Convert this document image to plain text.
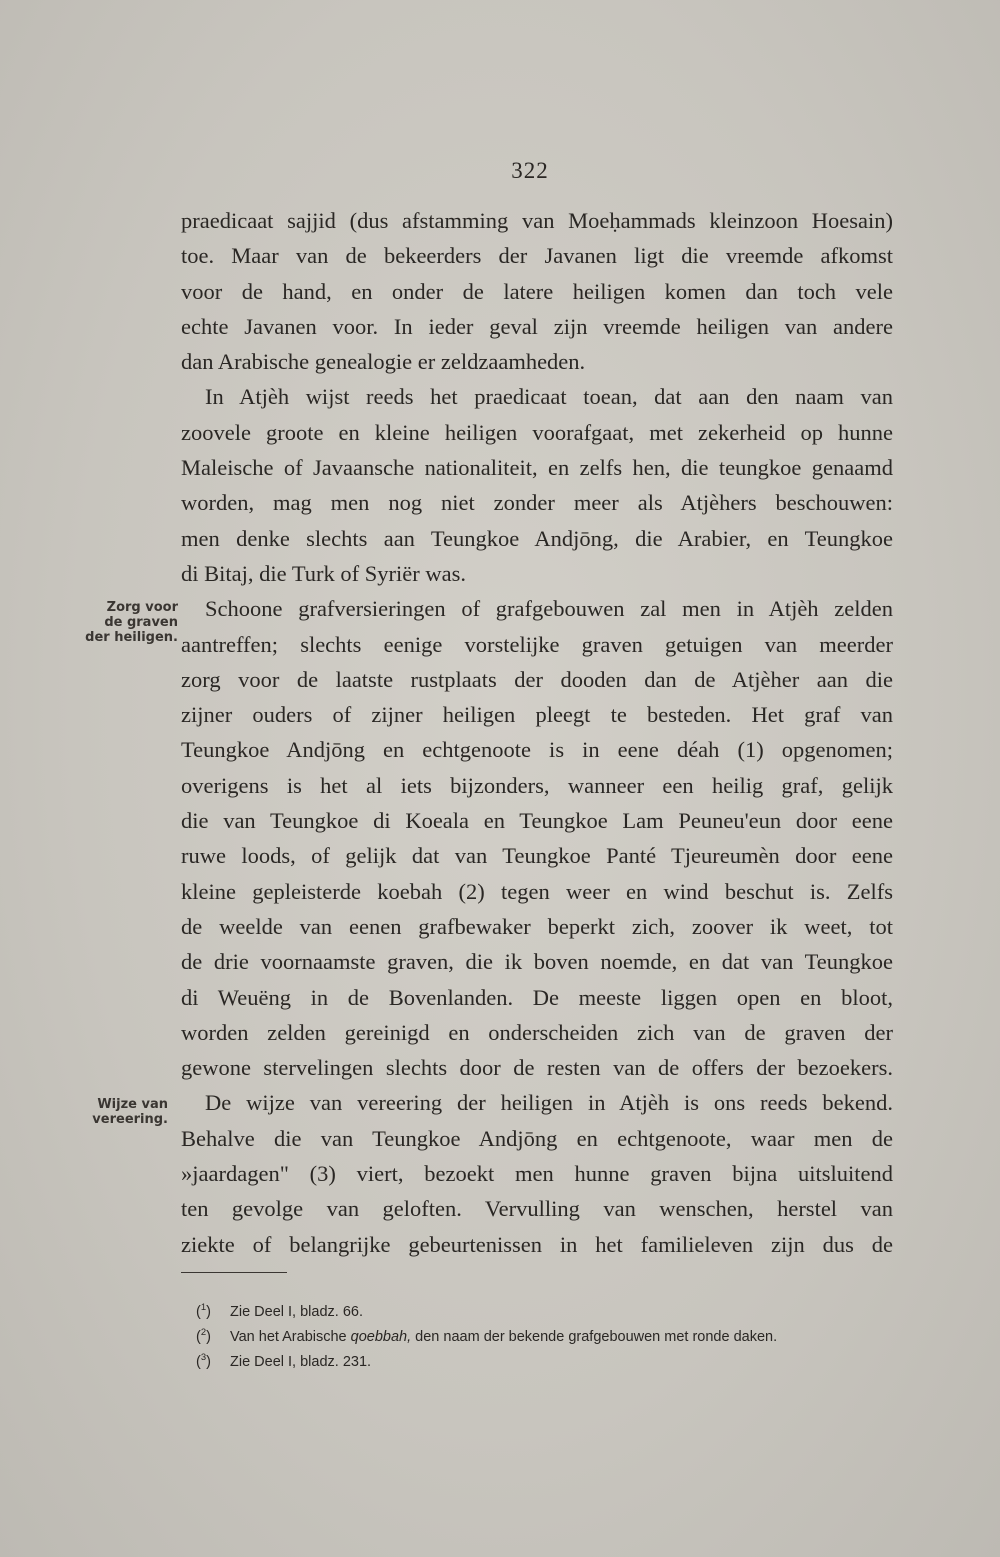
322
praedicaat sajjid (dus afstamming van Moeḥammads kleinzoon Hoesain)
toe. Maar van de bekeerders der Javanen ligt die vreemde afkomst
voor de hand, en onder de latere heiligen komen dan toch vele
echte Javanen voor. In ieder geval zijn vreemde heiligen van andere
dan Arabische genealogie er zeldzaamheden.
In Atjèh wijst reeds het praedicaat toean, dat aan den naam van
zoovele groote en kleine heiligen voorafgaat, met zekerheid op hunne
Maleische of Javaansche nationaliteit, en zelfs hen, die teungkoe genaamd
worden, mag men nog niet zonder meer als Atjèhers beschouwen:
men denke slechts aan Teungkoe Andjōng, die Arabier, en Teungkoe
di Bitaj, die Turk of Syriër was.
Schoone grafversieringen of grafgebouwen zal men in Atjèh zelden
aantreffen; slechts eenige vorstelijke graven getuigen van meerder
zorg voor de laatste rustplaats der dooden dan de Atjèher aan die
zijner ouders of zijner heiligen pleegt te besteden. Het graf van
Teungkoe Andjōng en echtgenoote is in eene déah (1) opgenomen;
overigens is het al iets bijzonders, wanneer een heilig graf, gelijk
die van Teungkoe di Koeala en Teungkoe Lam Peuneu'eun door eene
ruwe loods, of gelijk dat van Teungkoe Panté Tjeureumèn door eene
kleine gepleisterde koebah (2) tegen weer en wind beschut is. Zelfs
de weelde van eenen grafbewaker beperkt zich, zoover ik weet, tot
de drie voornaamste graven, die ik boven noemde, en dat van Teungkoe
di Weuëng in de Bovenlanden. De meeste liggen open en bloot,
worden zelden gereinigd en onderscheiden zich van de graven der
gewone stervelingen slechts door de resten van de offers der bezoekers.
De wijze van vereering der heiligen in Atjèh is ons reeds bekend.
Behalve die van Teungkoe Andjōng en echtgenoote, waar men de
»jaardagen" (3) viert, bezoekt men hunne graven bijna uitsluitend
ten gevolge van geloften. Vervulling van wenschen, herstel van
ziekte of belangrijke gebeurtenissen in het familieleven zijn dus de
Zorg voor
de graven
der heiligen.
Wijze van
vereering.
($^1$) Zie Deel I, bladz. 66.
($^2$) Van het Arabische qoebbah, den naam der bekende grafgebouwen met ronde daken.
($^3$) Zie Deel I, bladz. 231.
